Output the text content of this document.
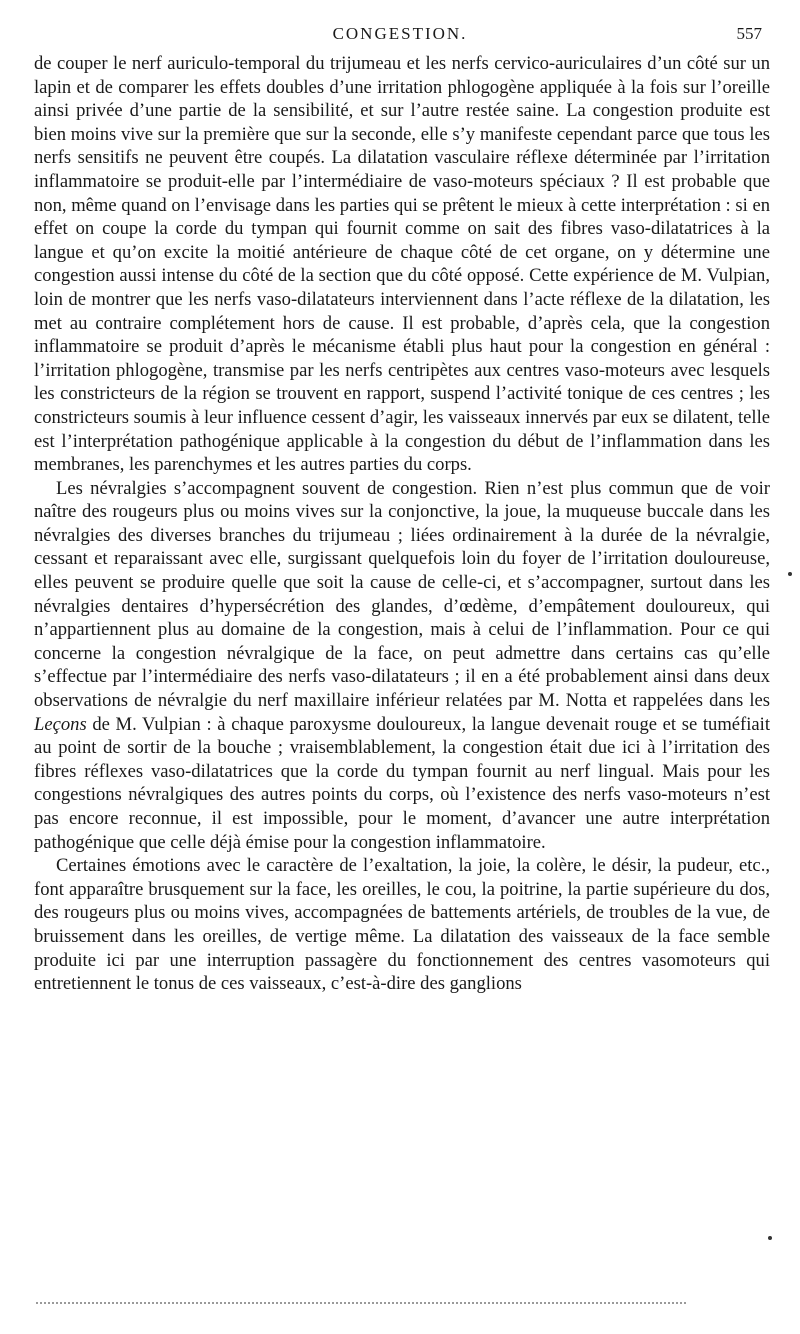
CONGESTION.	557

de couper le nerf auriculo-temporal du trijumeau et les nerfs cervico-auriculaires d’un côté sur un lapin et de comparer les effets doubles d’une irritation phlogogène appliquée à la fois sur l’oreille ainsi privée d’une partie de la sensibilité, et sur l’autre restée saine. La congestion produite est bien moins vive sur la première que sur la seconde, elle s’y manifeste cependant parce que tous les nerfs sensitifs ne peuvent être coupés. La dilatation vasculaire réflexe déterminée par l’irritation inflammatoire se produit-elle par l’intermédiaire de vaso-moteurs spéciaux ? Il est probable que non, même quand on l’envisage dans les parties qui se prêtent le mieux à cette interprétation : si en effet on coupe la corde du tympan qui fournit comme on sait des fibres vaso-dilatatrices à la langue et qu’on excite la moitié antérieure de chaque côté de cet organe, on y détermine une congestion aussi intense du côté de la section que du côté opposé. Cette expérience de M. Vulpian, loin de montrer que les nerfs vaso-dilatateurs interviennent dans l’acte réflexe de la dilatation, les met au contraire complétement hors de cause. Il est probable, d’après cela, que la congestion inflammatoire se produit d’après le mécanisme établi plus haut pour la congestion en général : l’irritation phlogogène, transmise par les nerfs centripètes aux centres vaso-moteurs avec lesquels les constricteurs de la région se trouvent en rapport, suspend l’activité tonique de ces centres ; les constricteurs soumis à leur influence cessent d’agir, les vaisseaux innervés par eux se dilatent, telle est l’interprétation pathogénique applicable à la congestion du début de l’inflammation dans les membranes, les parenchymes et les autres parties du corps.

Les névralgies s’accompagnent souvent de congestion. Rien n’est plus commun que de voir naître des rougeurs plus ou moins vives sur la conjonctive, la joue, la muqueuse buccale dans les névralgies des diverses branches du trijumeau ; liées ordinairement à la durée de la névralgie, cessant et reparaissant avec elle, surgissant quelquefois loin du foyer de l’irritation douloureuse, elles peuvent se produire quelle que soit la cause de celle-ci, et s’accompagner, surtout dans les névralgies dentaires d’hypersécrétion des glandes, d’œdème, d’empâtement douloureux, qui n’appartiennent plus au domaine de la congestion, mais à celui de l’inflammation. Pour ce qui concerne la congestion névralgique de la face, on peut admettre dans certains cas qu’elle s’effectue par l’intermédiaire des nerfs vaso-dilatateurs ; il en a été probablement ainsi dans deux observations de névralgie du nerf maxillaire inférieur relatées par M. Notta et rappelées dans les Leçons de M. Vulpian : à chaque paroxysme douloureux, la langue devenait rouge et se tuméfiait au point de sortir de la bouche ; vraisemblablement, la congestion était due ici à l’irritation des fibres réflexes vaso-dilatatrices que la corde du tympan fournit au nerf lingual. Mais pour les congestions névralgiques des autres points du corps, où l’existence des nerfs vaso-moteurs n’est pas encore reconnue, il est impossible, pour le moment, d’avancer une autre interprétation pathogénique que celle déjà émise pour la congestion inflammatoire.

Certaines émotions avec le caractère de l’exaltation, la joie, la colère, le désir, la pudeur, etc., font apparaître brusquement sur la face, les oreilles, le cou, la poitrine, la partie supérieure du dos, des rougeurs plus ou moins vives, accompagnées de battements artériels, de troubles de la vue, de bruissement dans les oreilles, de vertige même. La dilatation des vaisseaux de la face semble produite ici par une interruption passagère du fonctionnement des centres vasomoteurs qui entretiennent le tonus de ces vaisseaux, c’est-à-dire des ganglions
